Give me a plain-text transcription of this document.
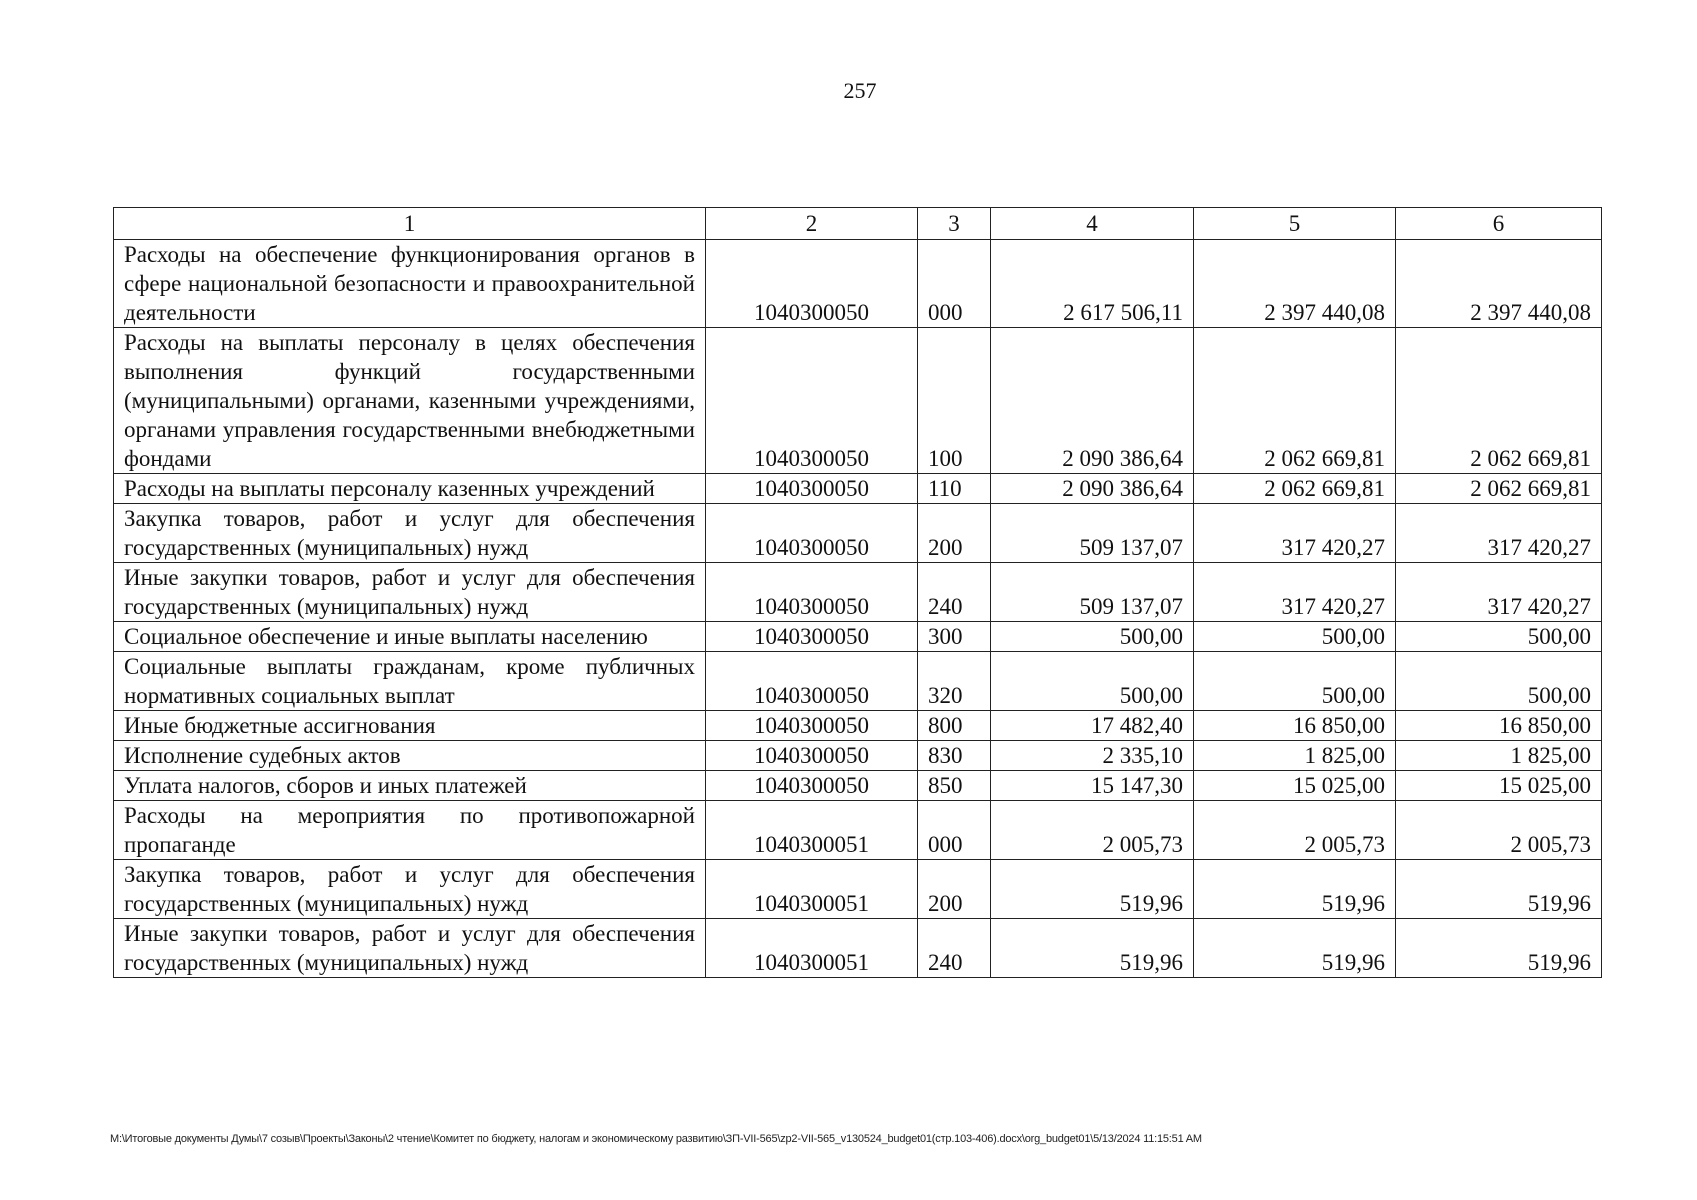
257
1	2	3	4	5	6
Расходы на обеспечение функционирования органов в сфере национальной безопасности и правоохранительной деятельности	1040300050	000	2 617 506,11	2 397 440,08	2 397 440,08
Расходы на выплаты персоналу в целях обеспечения выполнения функций государственными (муниципальными) органами, казенными учреждениями, органами управления государственными внебюджетными фондами	1040300050	100	2 090 386,64	2 062 669,81	2 062 669,81
Расходы на выплаты персоналу казенных учреждений	1040300050	110	2 090 386,64	2 062 669,81	2 062 669,81
Закупка товаров, работ и услуг для обеспечения государственных (муниципальных) нужд	1040300050	200	509 137,07	317 420,27	317 420,27
Иные закупки товаров, работ и услуг для обеспечения государственных (муниципальных) нужд	1040300050	240	509 137,07	317 420,27	317 420,27
Социальное обеспечение и иные выплаты населению	1040300050	300	500,00	500,00	500,00
Социальные выплаты гражданам, кроме публичных нормативных социальных выплат	1040300050	320	500,00	500,00	500,00
Иные бюджетные ассигнования	1040300050	800	17 482,40	16 850,00	16 850,00
Исполнение судебных актов	1040300050	830	2 335,10	1 825,00	1 825,00
Уплата налогов, сборов и иных платежей	1040300050	850	15 147,30	15 025,00	15 025,00
Расходы на мероприятия по противопожарной пропаганде	1040300051	000	2 005,73	2 005,73	2 005,73
Закупка товаров, работ и услуг для обеспечения государственных (муниципальных) нужд	1040300051	200	519,96	519,96	519,96
Иные закупки товаров, работ и услуг для обеспечения государственных (муниципальных) нужд	1040300051	240	519,96	519,96	519,96
M:\Итоговые документы Думы\7 созыв\Проекты\Законы\2 чтение\Комитет по бюджету, налогам и экономическому развитию\ЗП-VII-565\zp2-VII-565_v130524_budget01(стр.103-406).docx\org_budget01\5/13/2024 11:15:51 AM
